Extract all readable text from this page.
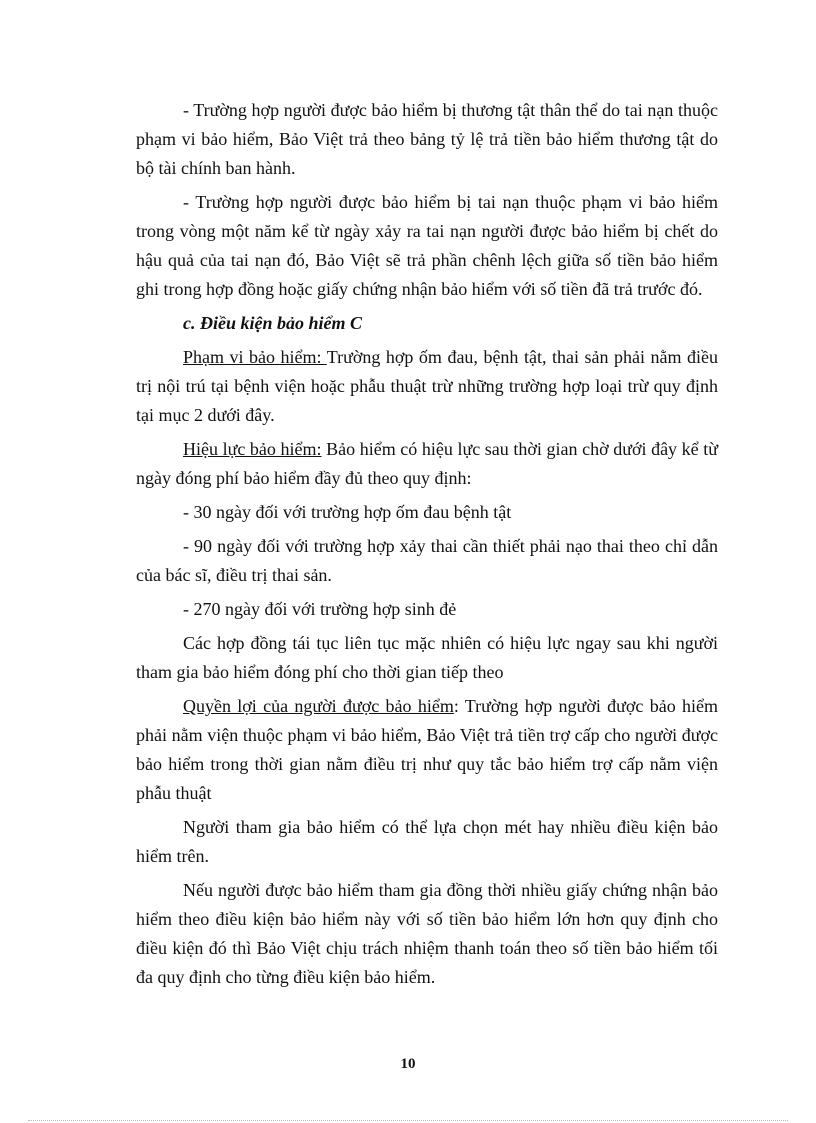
- Trường hợp người được bảo hiểm bị thương tật thân thể do tai nạn thuộc phạm vi bảo hiểm, Bảo Việt trả theo bảng tỷ lệ trả tiền bảo hiểm thương tật do bộ tài chính ban hành.

- Trường hợp người được bảo hiểm bị tai nạn thuộc phạm vi bảo hiểm trong vòng một năm kể từ ngày xảy ra tai nạn người được bảo hiểm bị chết do hậu quả của tai nạn đó, Bảo Việt sẽ trả phần chênh lệch giữa số tiền bảo hiểm ghi trong hợp đồng hoặc giấy chứng nhận bảo hiểm với số tiền đã trả trước đó.

c. Điều kiện bảo hiểm C

Phạm vi bảo hiểm: Trường hợp ốm đau, bệnh tật, thai sản phải nằm điều trị nội trú tại bệnh viện hoặc phẫu thuật trừ những trường hợp loại trừ quy định tại mục 2 dưới đây.

Hiệu lực bảo hiểm: Bảo hiểm có hiệu lực sau thời gian chờ dưới đây kể từ ngày đóng phí bảo hiểm đầy đủ theo quy định:

- 30 ngày đối với trường hợp ốm đau bệnh tật

- 90 ngày đối với trường hợp xảy thai cần thiết phải nạo thai theo chỉ dẫn của bác sĩ, điều trị thai sản.

- 270 ngày đối với trường hợp sinh đẻ

Các hợp đồng tái tục liên tục mặc nhiên có hiệu lực ngay sau khi người tham gia bảo hiểm đóng phí cho thời gian tiếp theo

Quyền lợi của người được bảo hiểm: Trường hợp người được bảo hiểm phải nằm viện thuộc phạm vi bảo hiểm, Bảo Việt trả tiền trợ cấp cho người được bảo hiểm trong thời gian nằm điều trị như quy tắc bảo hiểm trợ cấp nằm viện phẫu thuật

Người tham gia bảo hiểm có thể lựa chọn mét hay nhiều điều kiện bảo hiểm trên.

Nếu người được bảo hiểm tham gia đồng thời nhiều giấy chứng nhận bảo hiểm theo điều kiện bảo hiểm này với số tiền bảo hiểm lớn hơn quy định cho điều kiện đó thì Bảo Việt chịu trách nhiệm thanh toán theo số tiền bảo hiểm tối đa quy định cho từng điều kiện bảo hiểm.

10
